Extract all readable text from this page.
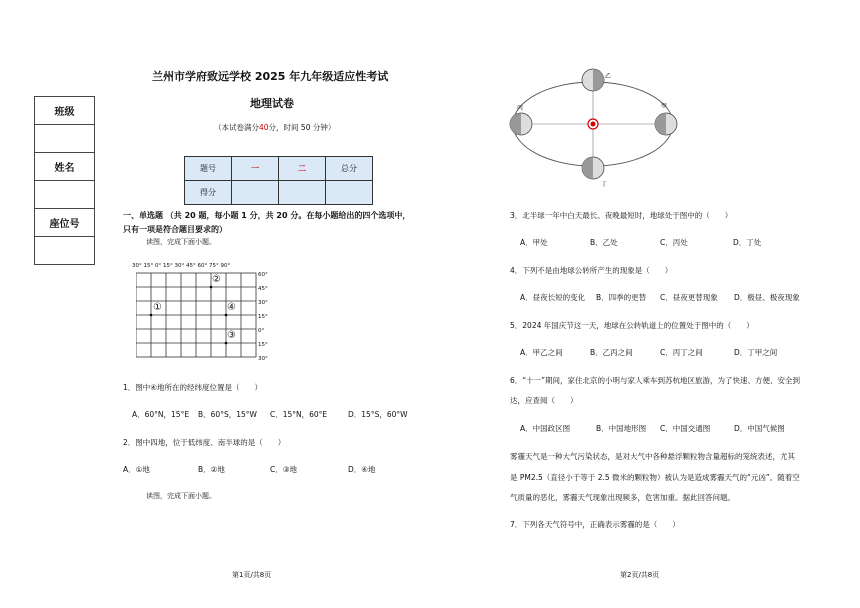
班级
姓名
座位号
兰州市学府致远学校 2025 年九年级适应性考试
地理试卷
（本试卷满分40分，时间 50 分钟）
题号	一	二	总分
得分			
一、单选题 （共 20 题，每小题 1 分，共 20 分。在每小题给出的四个选项中，
只有一项是符合题目要求的）
读图，完成下面小题。
30° 15° 0° 15° 30° 45° 60° 75° 90°
②
①	④
③
60°
45°
30°
15°
0°
15°
30°
1．图中④地所在的经纬度位置是（　　）
A．60°N，15°E B．60°S，15°W C．15°N，60°E	D．15°S，60°W
2．图中四地，位于低纬度、南半球的是（　　）
A．①地	B．②地	C．③地	D．④地
读图，完成下面小题。
乙
甲
丙
丁
3．北半球一年中白天最长、夜晚最短时，地球处于图中的（　　）
A．甲处	B．乙处	C．丙处	D．丁处
4．下列不是由地球公转所产生的现象是（　　）
A．昼夜长短的变化 B．四季的更替 C．昼夜更替现象 D．极昼、极夜现象
5．2024 年国庆节这一天，地球在公转轨道上的位置处于图中的（　　）
A．甲乙之间	B．乙丙之间	C．丙丁之间	D．丁甲之间
6．“十一”期间，家住北京的小明与家人乘车到苏杭地区旅游，为了快速、方便、安全到
达，应查阅（　　）
A．中国政区图	B．中国地形图 C．中国交通图	D．中国气候图
雾霾天气是一种大气污染状态，是对大气中各种悬浮颗粒物含量超标的笼统表述，尤其
是 PM2.5（直径小于等于 2.5 微米的颗粒物）被认为是造成雾霾天气的“元凶”。随着空
气质量的恶化，雾霾天气现象出现频多，危害加重。据此回答问题。
7．下列各天气符号中，正确表示雾霾的是（　　）
第1页/共8页	第2页/共8页
